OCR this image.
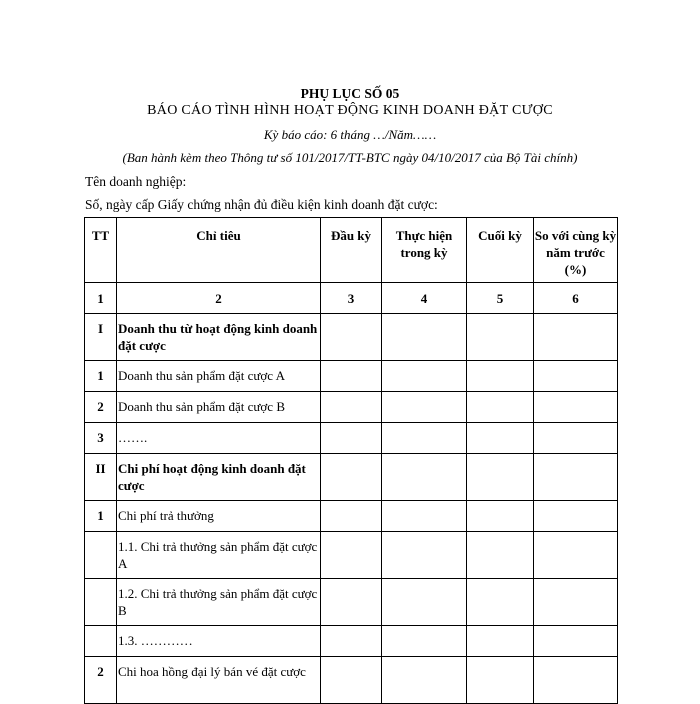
PHỤ LỤC SỐ 05
BÁO CÁO TÌNH HÌNH HOẠT ĐỘNG KINH DOANH ĐẶT CƯỢC
Kỳ báo cáo: 6 tháng …/Năm……
(Ban hành kèm theo Thông tư số 101/2017/TT-BTC ngày 04/10/2017 của Bộ Tài chính)
Tên doanh nghiệp:
Số, ngày cấp Giấy chứng nhận đủ điều kiện kinh doanh đặt cược:
TT	Chỉ tiêu	Đầu kỳ	Thực hiện trong kỳ	Cuối kỳ	So với cùng kỳ năm trước (%)
1	2	3	4	5	6
I	Doanh thu từ hoạt động kinh doanh đặt cược				
1	Doanh thu sản phẩm đặt cược A				
2	Doanh thu sản phẩm đặt cược B				
3	…….				
II	Chi phí hoạt động kinh doanh đặt cược				
1	Chi phí trả thưởng				
	1.1. Chi trả thưởng sản phẩm đặt cược A				
	1.2. Chi trả thưởng sản phẩm đặt cược B				
	1.3. …………				
2	Chi hoa hồng đại lý bán vé đặt cược				
